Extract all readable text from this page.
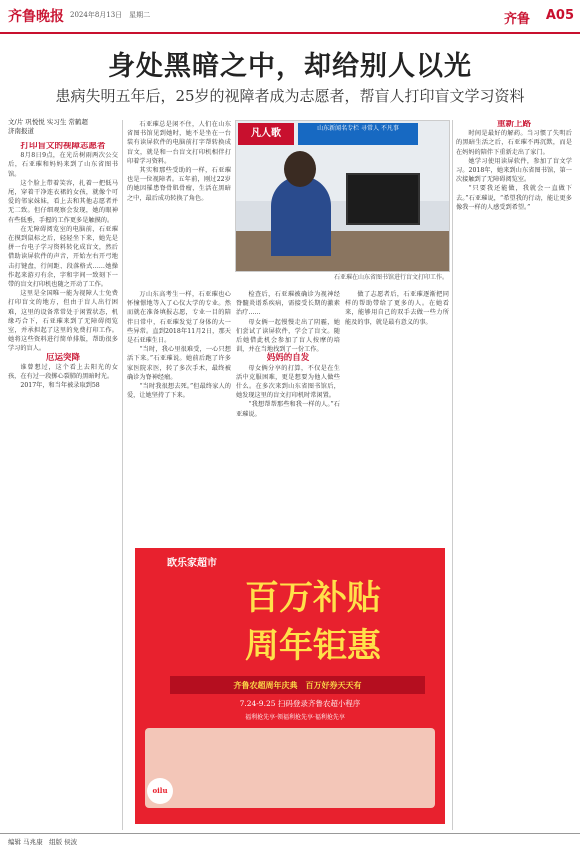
齐鲁晚报 2024年8月13日　星期二	齐鲁 A05
身处黑暗之中，却给别人以光
患病失明五年后，25岁的视障者成为志愿者，帮盲人打印盲文学习资料
文/片 巩悦悦 实习生 常鹤超
济南报道

打印盲文的视障志愿者

8月8日9点，在光岳树雨两次公交后，石亚璀和妈妈来到了山东省图书馆。

这个脸上带着笑容，扎着一把低马尾，穿着干净连衣裙的女孩，就像个可爱的邻家妹妹，看上去和其他志愿者并无二致。但仔细观察会发现，她的眼神有些低垂，手握的工作更多是触摸的。

在无障碍阅览室的电脑前，石亚璀在摸到鼠标之后，轻轻坐下来，她先是拼一台电子学习资料转化成盲文，然后借助读屏软件的声音，开始左右开弓地击打键盘，行间距、段落格式……她操作起来游刃有余，字和字间一致刻下一带的盲文打印机也随之开动了工作。

这里是全国唯一能为视障人士免费打印盲文的地方，但由于盲人出行困难，这里的设备常常处于闲置状态，机缘巧合下，石亚璀来到了无障碍阅览室，并承担起了这里的免费打印工作。她将这些资料进行简单排版，帮助很多学习的盲人。

厄运突降

谁曾想过，这个看上去阳光的女孩，在有过一段掷心裂肺的黑暗时光。

2017年，和当年被录取到58

石亚璀总是闲不住，人们在山东省图书馆见到她时，她不是坐在一台装有读屏软件的电脑前打字帮转换成盲文，就是和一台盲文打印机相伴打印着学习资料。

其实和那些受助的一样，石亚璀也是一位视障者。五年前，刚过22岁的她因罹患脊骨肌骨瘤，生活在黑暗之中，最后成功转换了角色。

凡人歌	山东新闻名专栏 寻常人 不凡事
石亚璀在山东省图书馆进行盲文打印工作。

万山东高考生一样，石亚璀也心怀憧憬地等入了心仪大学的专业。然而就在准备填报志愿，专业一目的陪伴日常中，石亚璀发觉了身体的大一些异常。直到2018年11月2日，那天是石亚璀生日。

“当时，我心里很难受，一心只想活下来。”石亚璀说。她前后跑了许多家医院求医，转了多次手术，最终被确诊为脊神经瘤。

“当时我很想去死。”但最终家人的爱，让她坚持了下来。

检查后，石亚璀被确诊为视神经脊髓炎谱系疾病，需接受长期的激素治疗……

母女俩一起慢慢走出了阴霾，她们尝试了读屏软件，学会了盲文。随后她借此机会参加了盲人按摩的培训，并在当地找到了一份工作。

妈妈的自发

母女俩分享的打算，不仅是在生活中克服困难，更是想要为他人做些什么。在多次来到山东省图书馆后，她发现这里的盲文打印机时常闲置。

“我想帮帮那些和我一样的人。”石亚璀说。

做了志愿者后，石亚璀逐渐把同样的帮助带给了更多的人。在她看来，能够用自己的双手去做一些力所能及的事，就是最有意义的事。

重新上路

时间是最好的解药。当习惯了失明后的黑暗生活之后，石亚璀不再沉默，而是在妈妈的陪伴下重新走出了家门。

她学习使用读屏软件，参加了盲文学习。2018年，她来到山东省图书馆，第一次接触到了无障碍阅览室。

“只要我还能做，我就会一直做下去。”石亚璀说，“希望我的行动，能让更多像我一样的人感受到希望。”

欧乐家超市
百万补贴
周年钜惠
齐鲁农超周年庆典　百万好券天天有
7.24-9.25 扫码登录齐鲁农超小程序
福利抢先享·领福利抢先享·福利抢先享
oilu
编辑 马兆康　组版 侯波
